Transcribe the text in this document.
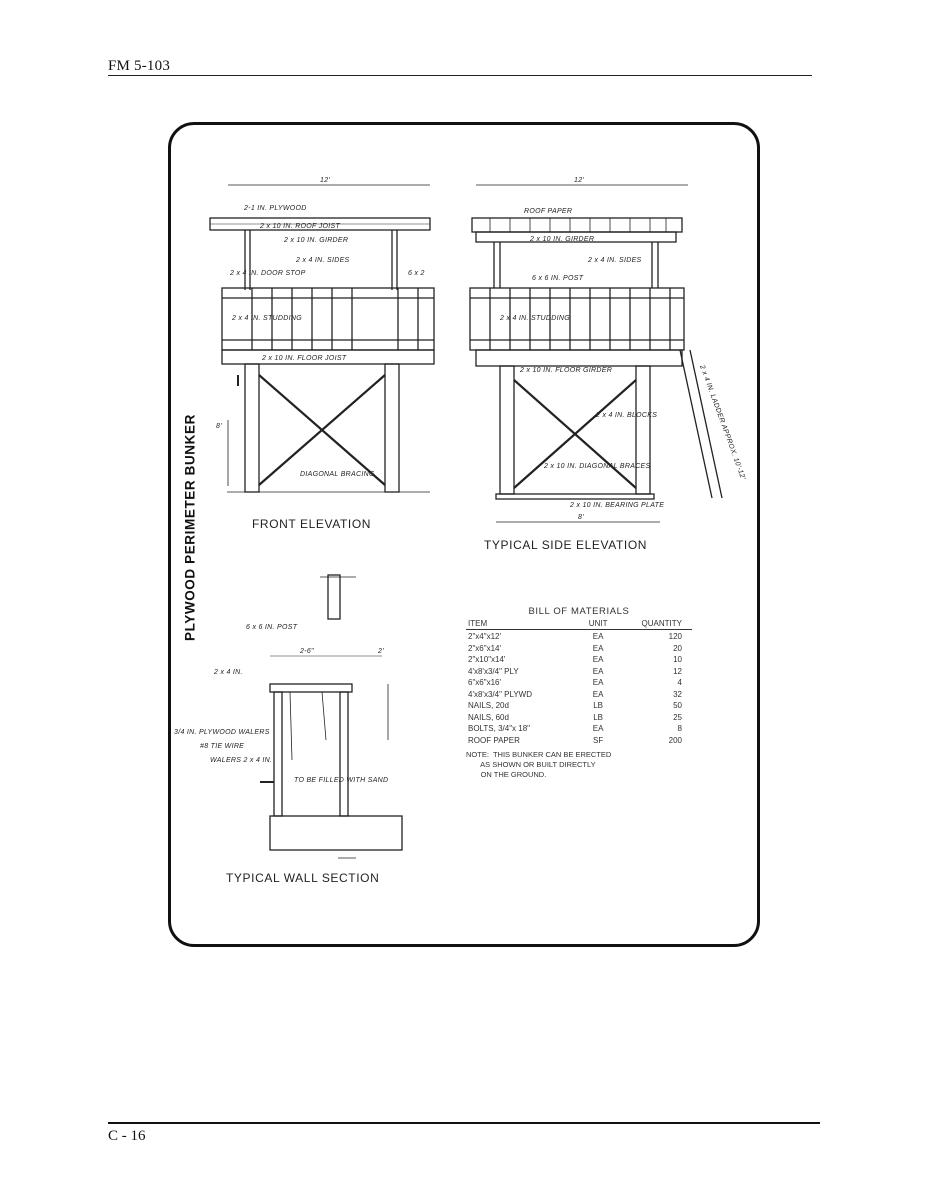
FM 5-103
PLYWOOD PERIMETER BUNKER	FRONT ELEVATION
TYPICAL SIDE ELEVATION
TYPICAL WALL SECTION
12'
2-1 IN. PLYWOOD
2 x 10 IN. ROOF JOIST
2 x 10 IN. GIRDER
2 x 4 IN. SIDES
2 x 4 IN. DOOR STOP	6 x 2
2 x 4 IN. STUDDING
2 x 10 IN. FLOOR JOIST
8'
DIAGONAL BRACING
12'
ROOF PAPER
2 x 10 IN. GIRDER
2 x 4 IN. SIDES
6 x 6 IN. POST
2 x 4 IN. STUDDING
2 x 10 IN. FLOOR GIRDER
2 x 4 IN. BLOCKS
2 x 10 IN. DIAGONAL BRACES
2 x 10 IN. BEARING PLATE
8'
2 x 4 IN. LADDER APPROX. 10'-12'
6 x 6 IN. POST
2-6"	2'
2 x 4 IN.
3/4 IN. PLYWOOD WALERS
#8 TIE WIRE
WALERS 2 x 4 IN.
TO BE FILLED WITH SAND
BILL OF MATERIALS
ITEM	UNIT	QUANTITY
2"x4"x12'	EA	120
2"x6"x14'	EA	20
2"x10"x14'	EA	10
4'x8'x3/4" PLY	EA	12
6"x6"x16'	EA	4
4'x8'x3/4" PLYWD	EA	32
NAILS, 20d	LB	50
NAILS, 60d	LB	25
BOLTS, 3/4"x 18"	EA	8
ROOF PAPER	SF	200
NOTE:  THIS BUNKER CAN BE ERECTED
AS SHOWN OR BUILT DIRECTLY
ON THE GROUND.
C - 16
